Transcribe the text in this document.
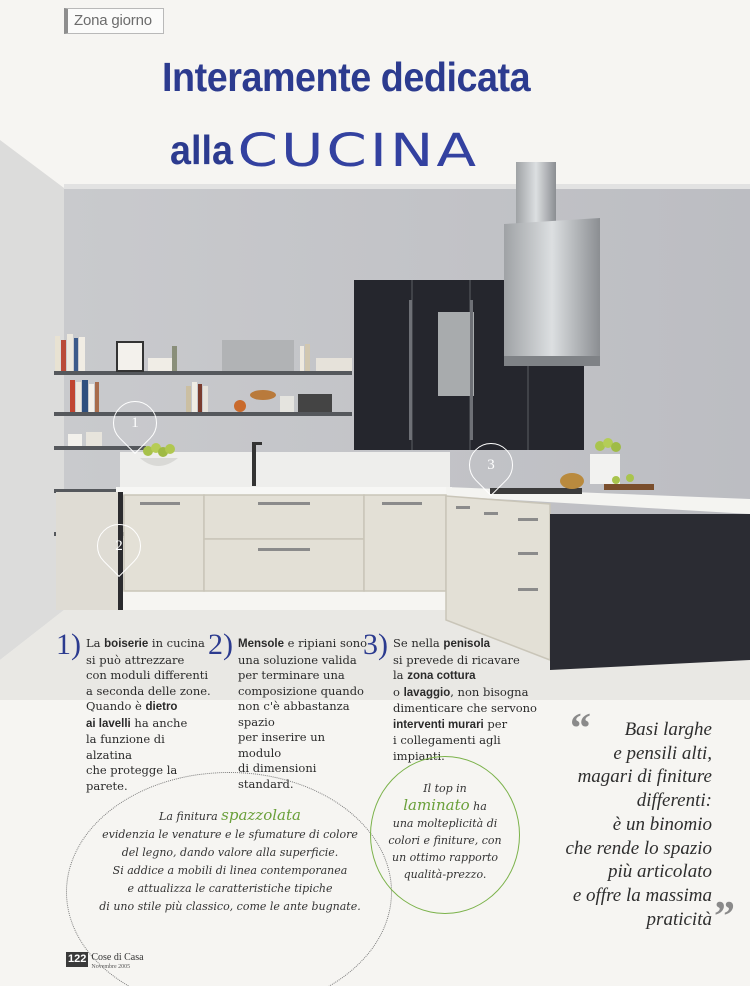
Zona giorno
Interamente dedicata
alla CUCINA
1
2
3
1) La boiserie in cucina
si può attrezzare
con moduli differenti
a seconda delle zone.
Quando è dietro
ai lavelli ha anche
la funzione di alzatina
che protegge la parete.
2) Mensole e ripiani sono
una soluzione valida
per terminare una
composizione quando
non c'è abbastanza spazio
per inserire un modulo
di dimensioni standard.
3) Se nella penisola
si prevede di ricavare
la zona cottura
o lavaggio, non bisogna
dimenticare che servono
interventi murari per
i collegamenti agli impianti.
La finitura spazzolata
evidenzia le venature e le sfumature di colore
del legno, dando valore alla superficie.
Si addice a mobili di linea contemporanea
e attualizza le caratteristiche tipiche
di uno stile più classico, come le ante bugnate.
Il top in
laminato ha
una molteplicità di
colori e finiture, con
un ottimo rapporto
qualità-prezzo.
“	Basi larghe
e pensili alti,
magari di finiture
differenti:
è un binomio
che rende lo spazio
più articolato
e offre la massima
praticità ”
122 Cose di Casa
Novembre 2005
